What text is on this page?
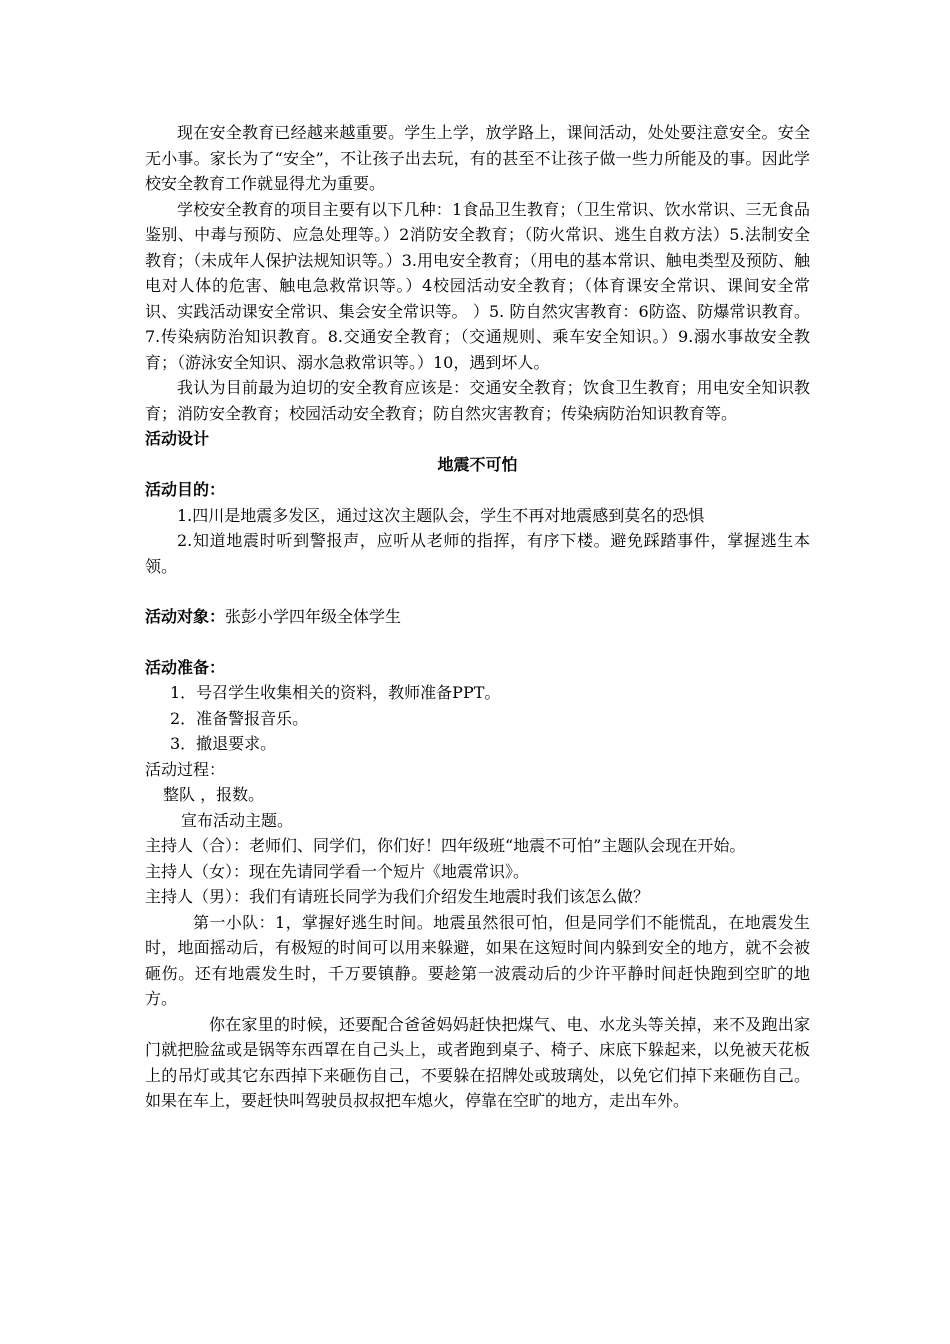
现在安全教育已经越来越重要。学生上学，放学路上，课间活动，处处要注意安全。安全无小事。家长为了“安全”，不让孩子出去玩，有的甚至不让孩子做一些力所能及的事。因此学校安全教育工作就显得尤为重要。

学校安全教育的项目主要有以下几种：1食品卫生教育；（卫生常识、饮水常识、三无食品鉴别、中毒与预防、应急处理等。）2消防安全教育；（防火常识、逃生自救方法）5.法制安全教育；（未成年人保护法规知识等。）3.用电安全教育；（用电的基本常识、触电类型及预防、触电对人体的危害、触电急救常识等。）4校园活动安全教育；（体育课安全常识、课间安全常识、实践活动课安全常识、集会安全常识等。 ）5. 防自然灾害教育：6防盗、防爆常识教育。7.传染病防治知识教育。8.交通安全教育；（交通规则、乘车安全知识。）9.溺水事故安全教育；（游泳安全知识、溺水急救常识等。）10，遇到坏人。

我认为目前最为迫切的安全教育应该是：交通安全教育；饮食卫生教育；用电安全知识教育；消防安全教育；校园活动安全教育；防自然灾害教育；传染病防治知识教育等。

活动设计

地震不可怕

活动目的：

1.四川是地震多发区，通过这次主题队会，学生不再对地震感到莫名的恐惧

2.知道地震时听到警报声，应听从老师的指挥，有序下楼。避免踩踏事件，掌握逃生本领。

活动对象：张彭小学四年级全体学生

活动准备：

1．号召学生收集相关的资料，教师准备PPT。

2．准备警报音乐。

3．撤退要求。

活动过程：

整队 ，报数。

宣布活动主题。

主持人（合）：老师们、同学们，你们好！四年级班“地震不可怕”主题队会现在开始。

主持人（女）：现在先请同学看一个短片《地震常识》。

主持人（男）：我们有请班长同学为我们介绍发生地震时我们该怎么做？

第一小队：1，掌握好逃生时间。地震虽然很可怕，但是同学们不能慌乱，在地震发生时，地面摇动后，有极短的时间可以用来躲避，如果在这短时间内躲到安全的地方，就不会被砸伤。还有地震发生时，千万要镇静。要趁第一波震动后的少许平静时间赶快跑到空旷的地方。

你在家里的时候，还要配合爸爸妈妈赶快把煤气、电、水龙头等关掉，来不及跑出家门就把脸盆或是锅等东西罩在自己头上，或者跑到桌子、椅子、床底下躲起来，以免被天花板上的吊灯或其它东西掉下来砸伤自己，不要躲在招牌处或玻璃处，以免它们掉下来砸伤自己。如果在车上，要赶快叫驾驶员叔叔把车熄火，停靠在空旷的地方，走出车外。
